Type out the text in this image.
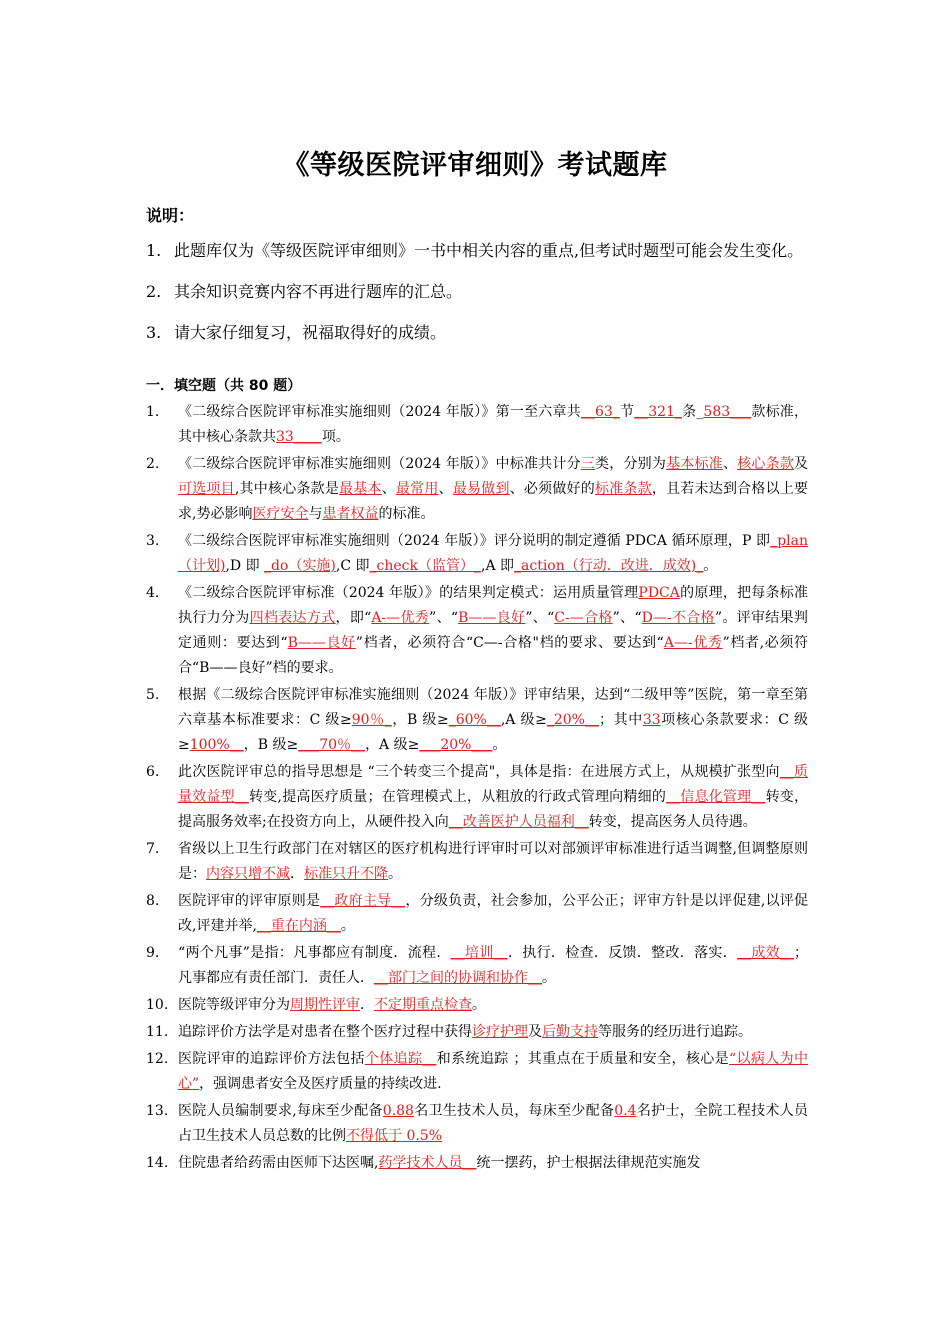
《等级医院评审细则》考试题库
说明：
1. 此题库仅为《等级医院评审细则》一书中相关内容的重点,但考试时题型可能会发生变化。
2. 其余知识竞赛内容不再进行题库的汇总。
3. 请大家仔细复习，祝福取得好的成绩。
一．填空题（共 80 题）
1. 《二级综合医院评审标准实施细则（2024 年版）》第一至六章共__63_节__321_条_583___款标准，其中核心条款共33____项。
2. 《二级综合医院评审标准实施细则（2024 年版）》中标准共计分三类，分别为基本标准、核心条款及可选项目,其中核心条款是最基本、最常用、最易做到、必须做好的标准条款，且若未达到合格以上要求,势必影响医疗安全与患者权益的标准。
3. 《二级综合医院评审标准实施细则（2024 年版）》评分说明的制定遵循 PDCA 循环原理，P 即_plan（计划),D 即 _do（实施),C 即_check（监管）_,A 即_action（行动．改进．成效)_。
4. 《二级综合医院评审标准（2024 年版）》的结果判定模式：运用质量管理PDCA的原理，把每条标准执行力分为四档表达方式，即“A-—优秀”、“B——良好”、“C-—合格”、“D—-不合格”。评审结果判定通则：要达到“B——良好”档者，必须符合“C—-合格"档的要求、要达到“A—-优秀”档者,必须符合“B——良好”档的要求。
5. 根据《二级综合医院评审标准实施细则（2024 年版）》评审结果，达到“二级甲等”医院，第一章至第六章基本标准要求：C 级≥90％_，B 级≥_60%__,A 级≥_20%__；其中33项核心条款要求：C 级≥100%__，B 级≥___70％__，A 级≥___20%___。
6. 此次医院评审总的指导思想是 “三个转变三个提高"，具体是指：在进展方式上，从规模扩张型向__质量效益型__转变,提高医疗质量；在管理模式上，从粗放的行政式管理向精细的__信息化管理__转变，提高服务效率;在投资方向上，从硬件投入向__改善医护人员福利__转变，提高医务人员待遇。
7. 省级以上卫生行政部门在对辖区的医疗机构进行评审时可以对部颁评审标准进行适当调整,但调整原则是：内容只增不减．标准只升不降。
8. 医院评审的评审原则是__政府主导__，分级负责，社会参加，公平公正；评审方针是以评促建,以评促改,评建并举,__重在内涵__。
9. “两个凡事”是指：凡事都应有制度．流程．__培训__．执行．检查．反馈．整改．落实．__成效__；凡事都应有责任部门．责任人．__部门之间的协调和协作__。
10. 医院等级评审分为周期性评审．不定期重点检查。
11. 追踪评价方法学是对患者在整个医疗过程中获得诊疗护理及后勤支持等服务的经历进行追踪。
12. 医院评审的追踪评价方法包括个体追踪__和系统追踪 ；其重点在于质量和安全，核心是“以病人为中心”，强调患者安全及医疗质量的持续改进.
13. 医院人员编制要求,每床至少配备0.88名卫生技术人员，每床至少配备0.4名护士，全院工程技术人员占卫生技术人员总数的比例不得低于 0.5%
14. 住院患者给药需由医师下达医嘱,药学技术人员__统一摆药，护士根据法律规范实施发
